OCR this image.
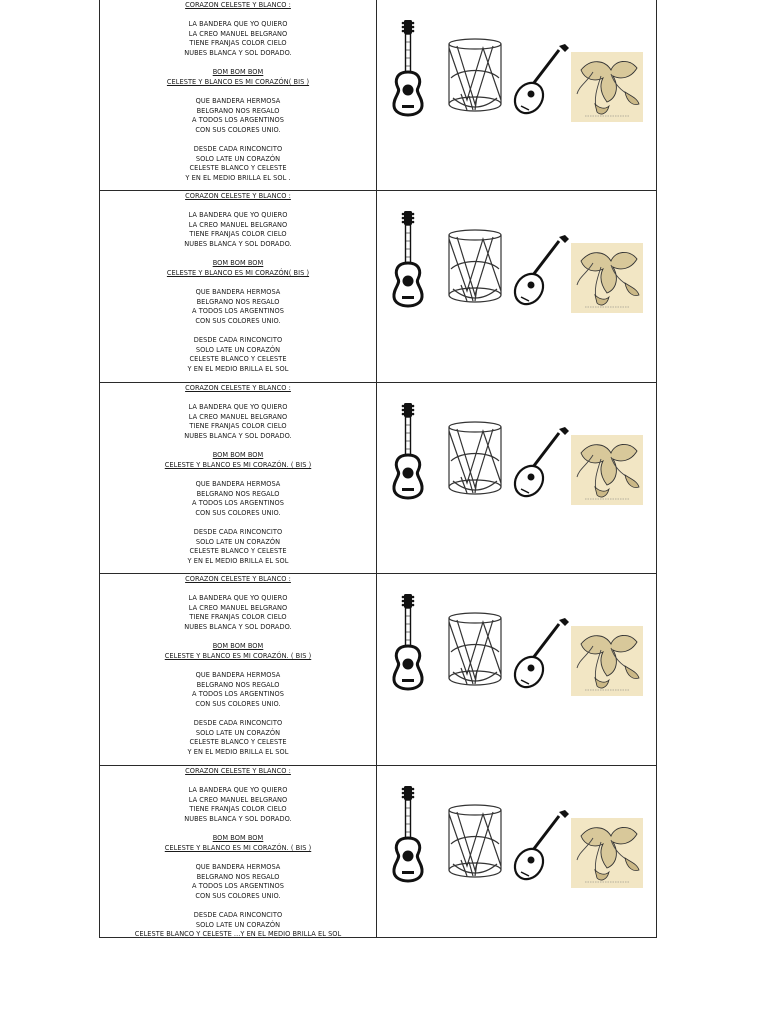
CORAZON CELESTE Y BLANCO :
LA BANDERA QUE YO QUIERO
LA CREO MANUEL BELGRANO
TIENE FRANJAS COLOR CIELO
NUBES BLANCA Y SOL DORADO.
BOM BOM BOM
CELESTE Y BLANCO ES MI CORAZÓN( BIS )
QUE BANDERA HERMOSA
BELGRANO NOS REGALO
A TODOS LOS ARGENTINOS
CON SUS COLORES UNIO.
DESDE CADA RINCONCITO
SOLO LATE UN CORAZÓN
CELESTE BLANCO Y CELESTE
Y EN EL MEDIO BRILLA EL SOL .
CORAZON CELESTE Y BLANCO :
LA BANDERA QUE YO QUIERO
LA CREO MANUEL BELGRANO
TIENE FRANJAS COLOR CIELO
NUBES BLANCA Y SOL DORADO.
BOM BOM BOM
CELESTE Y BLANCO ES MI CORAZÓN( BIS )
QUE BANDERA HERMOSA
BELGRANO NOS REGALO
A TODOS LOS ARGENTINOS
CON SUS COLORES UNIO.
DESDE CADA RINCONCITO
SOLO LATE UN CORAZÓN
CELESTE BLANCO Y CELESTE
Y EN EL MEDIO BRILLA EL SOL
CORAZON CELESTE Y BLANCO :
LA BANDERA QUE YO QUIERO
LA CREO MANUEL BELGRANO
TIENE FRANJAS COLOR CIELO
NUBES BLANCA Y SOL DORADO.
BOM BOM BOM
CELESTE Y BLANCO ES MI CORAZÓN. ( BIS )
QUE BANDERA HERMOSA
BELGRANO NOS REGALO
A TODOS LOS ARGENTINOS
CON SUS COLORES UNIO.
DESDE CADA RINCONCITO
SOLO LATE UN CORAZÓN
CELESTE BLANCO Y CELESTE
Y EN EL MEDIO BRILLA EL SOL
CORAZON CELESTE Y BLANCO :
LA BANDERA QUE YO QUIERO
LA CREO MANUEL BELGRANO
TIENE FRANJAS COLOR CIELO
NUBES BLANCA Y SOL DORADO.
BOM BOM BOM
CELESTE Y BLANCO ES MI CORAZÓN. ( BIS )
QUE BANDERA HERMOSA
BELGRANO NOS REGALO
A TODOS LOS ARGENTINOS
CON SUS COLORES UNIO.
DESDE CADA RINCONCITO
SOLO LATE UN CORAZÓN
CELESTE BLANCO Y CELESTE
Y EN EL MEDIO BRILLA EL SOL
CORAZON CELESTE Y BLANCO :
LA BANDERA QUE YO QUIERO
LA CREO MANUEL BELGRANO
TIENE FRANJAS COLOR CIELO
NUBES BLANCA Y SOL DORADO.
BOM BOM BOM
CELESTE Y BLANCO ES MI CORAZÓN. ( BIS )
QUE BANDERA HERMOSA
BELGRANO NOS REGALO
A TODOS LOS ARGENTINOS
CON SUS COLORES UNIO.
DESDE CADA RINCONCITO
SOLO LATE UN CORAZÓN
CELESTE BLANCO Y CELESTE ...Y EN EL MEDIO BRILLA EL SOL
